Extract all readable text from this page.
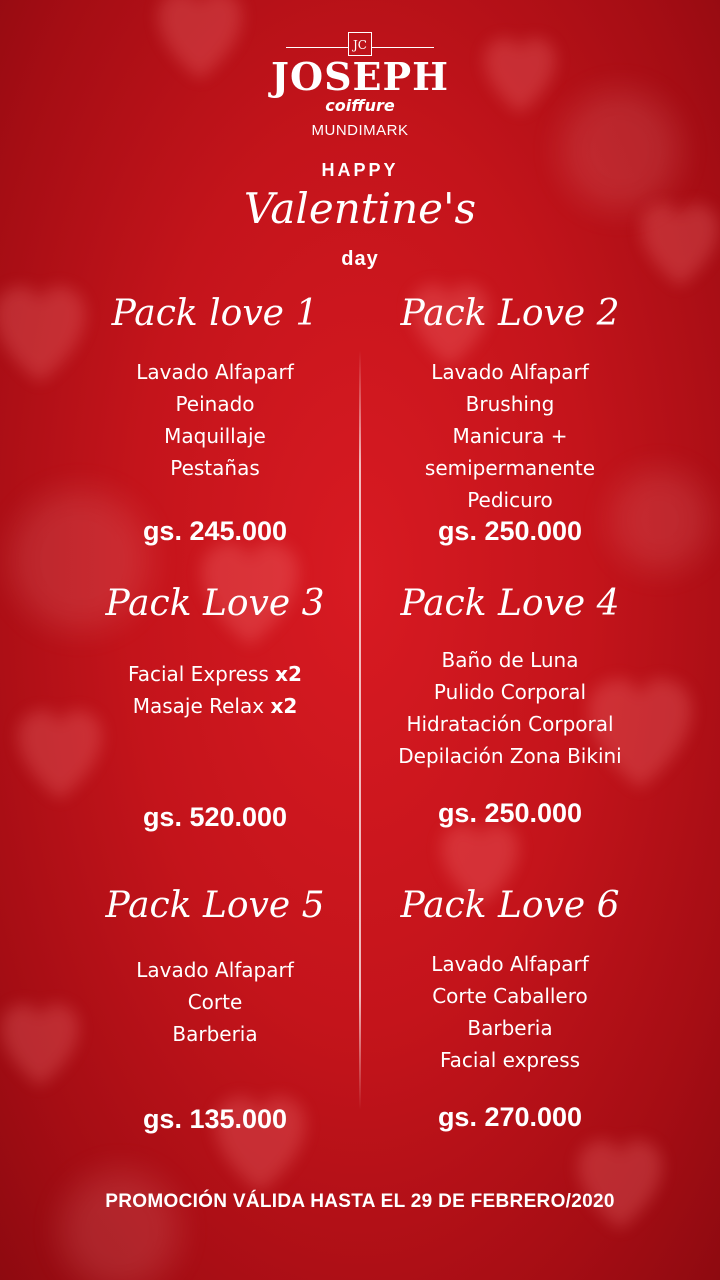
JC
JOSEPH
coiffure
MUNDIMARK
HAPPY
Valentine's
day
Pack love 1
Lavado Alfaparf
Peinado
Maquillaje
Pestañas
gs. 245.000
Pack Love 2
Lavado Alfaparf
Brushing
Manicura +
semipermanente
Pedicuro
gs. 250.000
Pack Love 3
Facial Express x2
Masaje Relax x2
gs. 520.000
Pack Love 4
Baño de Luna
Pulido Corporal
Hidratación Corporal
Depilación Zona Bikini
gs. 250.000
Pack Love 5
Lavado Alfaparf
Corte
Barberia
gs. 135.000
Pack Love 6
Lavado Alfaparf
Corte Caballero
Barberia
Facial express
gs. 270.000
PROMOCIÓN VÁLIDA HASTA EL 29 DE FEBRERO/2020
